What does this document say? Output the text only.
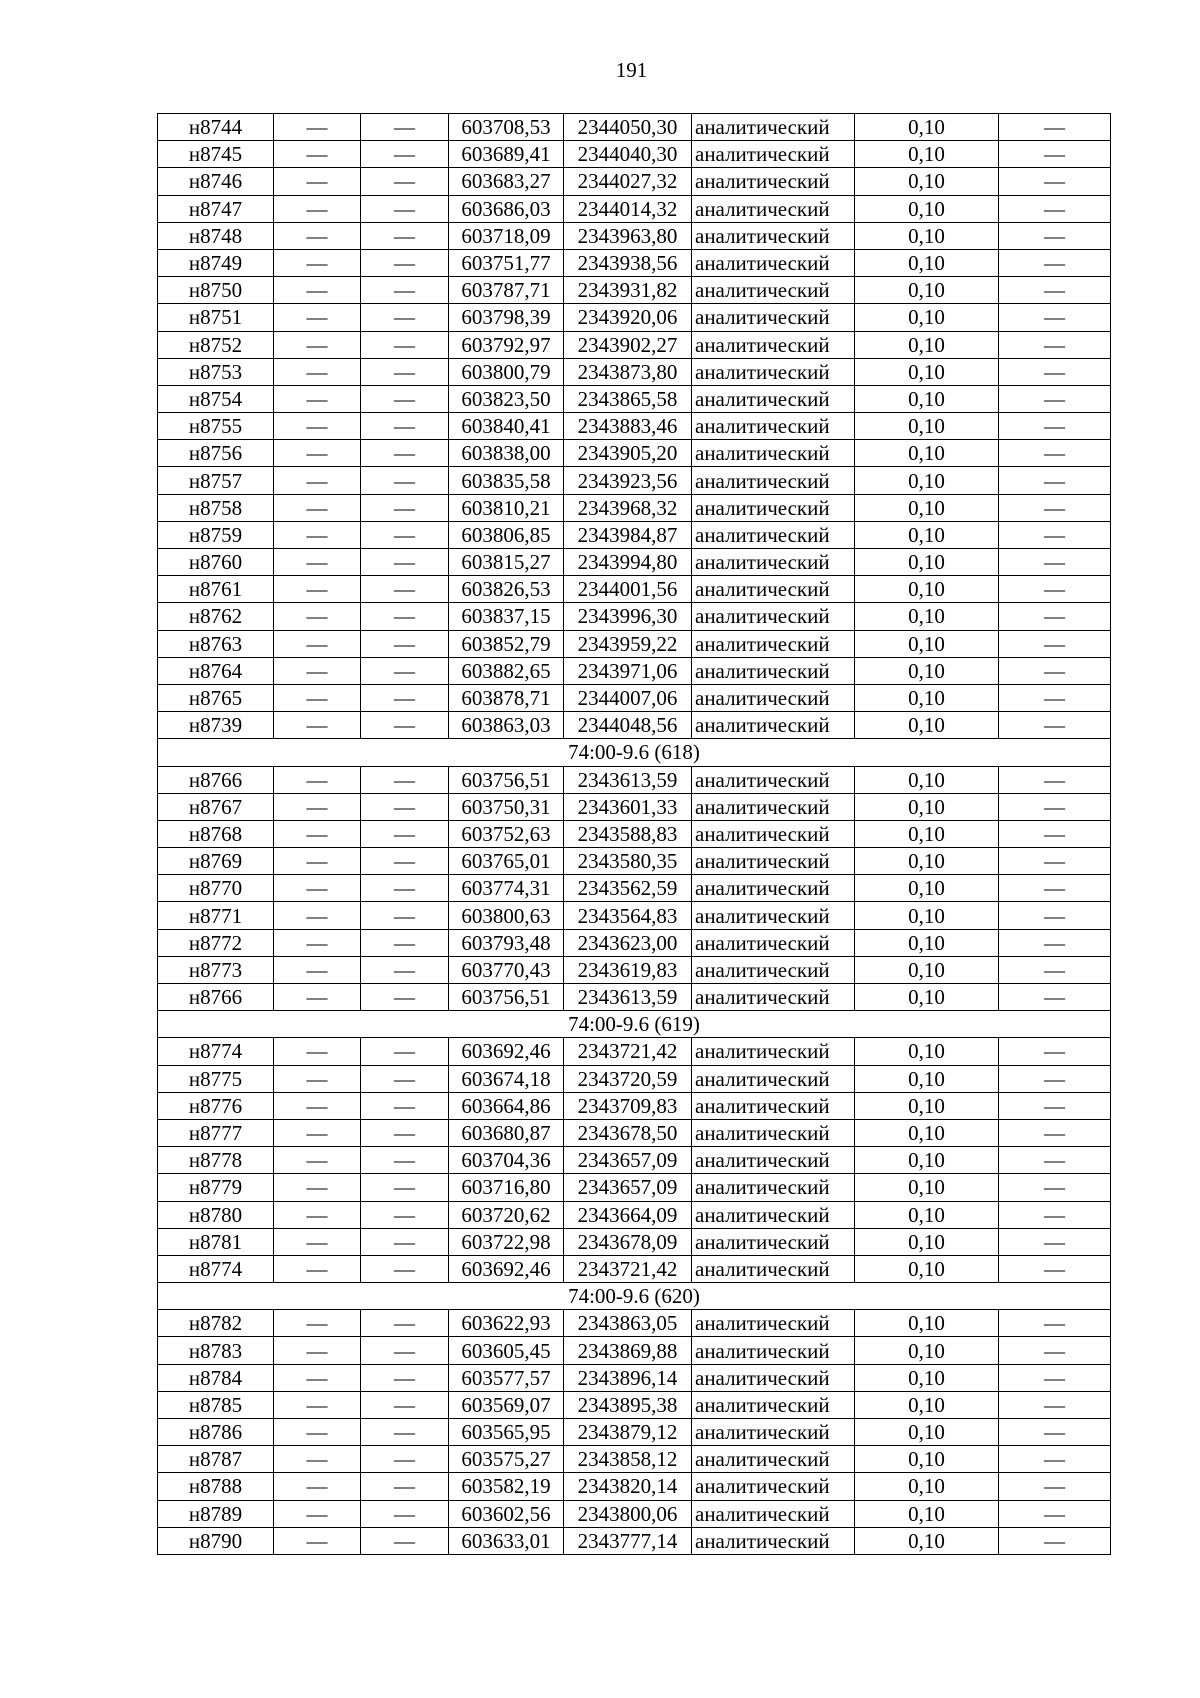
191
н8744	—	—	603708,53	2344050,30	аналитический	0,10	—
н8745	—	—	603689,41	2344040,30	аналитический	0,10	—
н8746	—	—	603683,27	2344027,32	аналитический	0,10	—
н8747	—	—	603686,03	2344014,32	аналитический	0,10	—
н8748	—	—	603718,09	2343963,80	аналитический	0,10	—
н8749	—	—	603751,77	2343938,56	аналитический	0,10	—
н8750	—	—	603787,71	2343931,82	аналитический	0,10	—
н8751	—	—	603798,39	2343920,06	аналитический	0,10	—
н8752	—	—	603792,97	2343902,27	аналитический	0,10	—
н8753	—	—	603800,79	2343873,80	аналитический	0,10	—
н8754	—	—	603823,50	2343865,58	аналитический	0,10	—
н8755	—	—	603840,41	2343883,46	аналитический	0,10	—
н8756	—	—	603838,00	2343905,20	аналитический	0,10	—
н8757	—	—	603835,58	2343923,56	аналитический	0,10	—
н8758	—	—	603810,21	2343968,32	аналитический	0,10	—
н8759	—	—	603806,85	2343984,87	аналитический	0,10	—
н8760	—	—	603815,27	2343994,80	аналитический	0,10	—
н8761	—	—	603826,53	2344001,56	аналитический	0,10	—
н8762	—	—	603837,15	2343996,30	аналитический	0,10	—
н8763	—	—	603852,79	2343959,22	аналитический	0,10	—
н8764	—	—	603882,65	2343971,06	аналитический	0,10	—
н8765	—	—	603878,71	2344007,06	аналитический	0,10	—
н8739	—	—	603863,03	2344048,56	аналитический	0,10	—
74:00-9.6 (618)							
н8766	—	—	603756,51	2343613,59	аналитический	0,10	—
н8767	—	—	603750,31	2343601,33	аналитический	0,10	—
н8768	—	—	603752,63	2343588,83	аналитический	0,10	—
н8769	—	—	603765,01	2343580,35	аналитический	0,10	—
н8770	—	—	603774,31	2343562,59	аналитический	0,10	—
н8771	—	—	603800,63	2343564,83	аналитический	0,10	—
н8772	—	—	603793,48	2343623,00	аналитический	0,10	—
н8773	—	—	603770,43	2343619,83	аналитический	0,10	—
н8766	—	—	603756,51	2343613,59	аналитический	0,10	—
74:00-9.6 (619)							
н8774	—	—	603692,46	2343721,42	аналитический	0,10	—
н8775	—	—	603674,18	2343720,59	аналитический	0,10	—
н8776	—	—	603664,86	2343709,83	аналитический	0,10	—
н8777	—	—	603680,87	2343678,50	аналитический	0,10	—
н8778	—	—	603704,36	2343657,09	аналитический	0,10	—
н8779	—	—	603716,80	2343657,09	аналитический	0,10	—
н8780	—	—	603720,62	2343664,09	аналитический	0,10	—
н8781	—	—	603722,98	2343678,09	аналитический	0,10	—
н8774	—	—	603692,46	2343721,42	аналитический	0,10	—
74:00-9.6 (620)							
н8782	—	—	603622,93	2343863,05	аналитический	0,10	—
н8783	—	—	603605,45	2343869,88	аналитический	0,10	—
н8784	—	—	603577,57	2343896,14	аналитический	0,10	—
н8785	—	—	603569,07	2343895,38	аналитический	0,10	—
н8786	—	—	603565,95	2343879,12	аналитический	0,10	—
н8787	—	—	603575,27	2343858,12	аналитический	0,10	—
н8788	—	—	603582,19	2343820,14	аналитический	0,10	—
н8789	—	—	603602,56	2343800,06	аналитический	0,10	—
н8790	—	—	603633,01	2343777,14	аналитический	0,10	—
